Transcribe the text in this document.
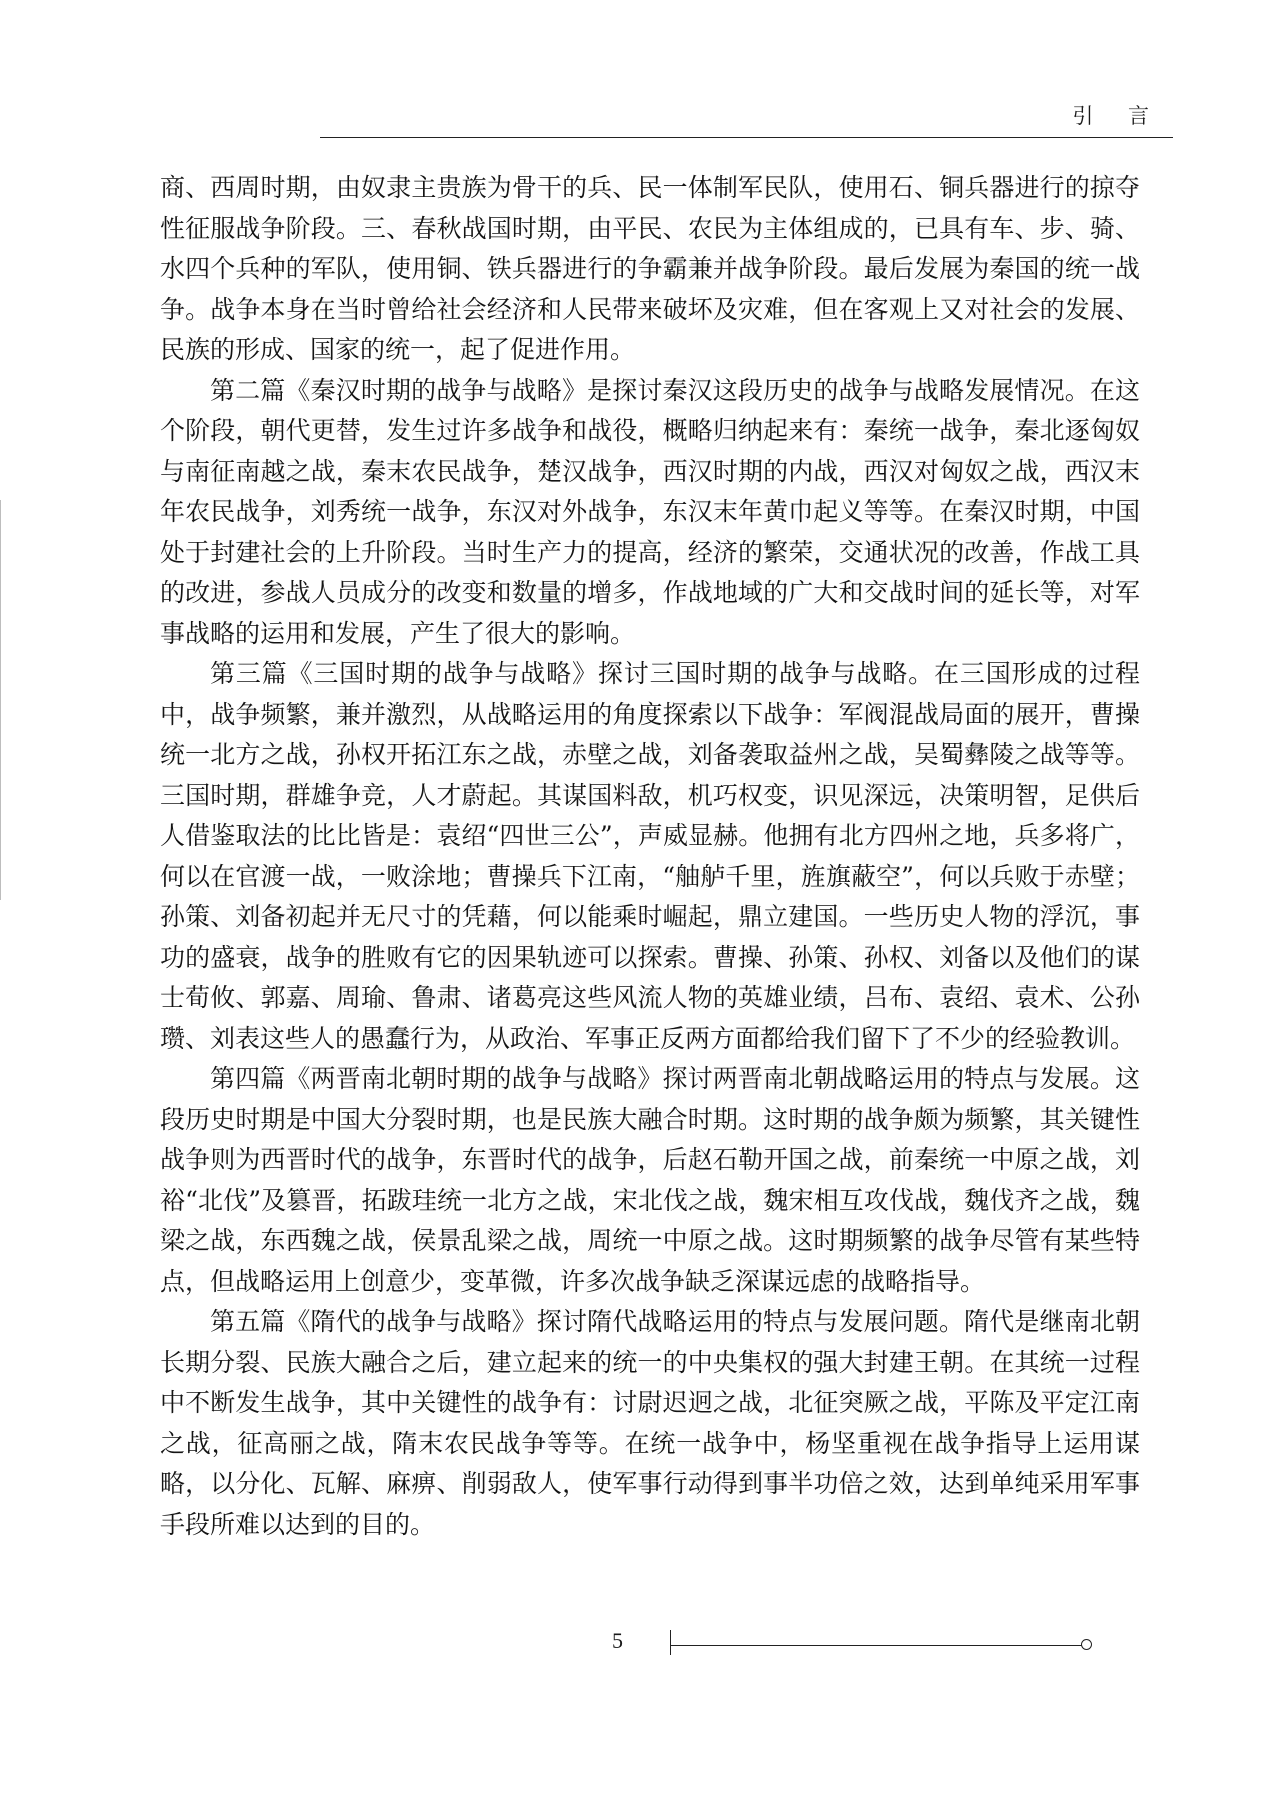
引 言

商、西周时期，由奴隶主贵族为骨干的兵、民一体制军民队，使用石、铜兵器进行的掠夺性征服战争阶段。三、春秋战国时期，由平民、农民为主体组成的，已具有车、步、骑、水四个兵种的军队，使用铜、铁兵器进行的争霸兼并战争阶段。最后发展为秦国的统一战争。战争本身在当时曾给社会经济和人民带来破坏及灾难，但在客观上又对社会的发展、民族的形成、国家的统一，起了促进作用。

第二篇《秦汉时期的战争与战略》是探讨秦汉这段历史的战争与战略发展情况。在这个阶段，朝代更替，发生过许多战争和战役，概略归纳起来有：秦统一战争，秦北逐匈奴与南征南越之战，秦末农民战争，楚汉战争，西汉时期的内战，西汉对匈奴之战，西汉末年农民战争，刘秀统一战争，东汉对外战争，东汉末年黄巾起义等等。在秦汉时期，中国处于封建社会的上升阶段。当时生产力的提高，经济的繁荣，交通状况的改善，作战工具的改进，参战人员成分的改变和数量的增多，作战地域的广大和交战时间的延长等，对军事战略的运用和发展，产生了很大的影响。

第三篇《三国时期的战争与战略》探讨三国时期的战争与战略。在三国形成的过程中，战争频繁，兼并激烈，从战略运用的角度探索以下战争：军阀混战局面的展开，曹操统一北方之战，孙权开拓江东之战，赤壁之战，刘备袭取益州之战，吴蜀彝陵之战等等。三国时期，群雄争竞，人才蔚起。其谋国料敌，机巧权变，识见深远，决策明智，足供后人借鉴取法的比比皆是：袁绍“四世三公”，声威显赫。他拥有北方四州之地，兵多将广，何以在官渡一战，一败涂地；曹操兵下江南，“舳舻千里，旌旗蔽空”，何以兵败于赤壁；孙策、刘备初起并无尺寸的凭藉，何以能乘时崛起，鼎立建国。一些历史人物的浮沉，事功的盛衰，战争的胜败有它的因果轨迹可以探索。曹操、孙策、孙权、刘备以及他们的谋士荀攸、郭嘉、周瑜、鲁肃、诸葛亮这些风流人物的英雄业绩，吕布、袁绍、袁术、公孙瓒、刘表这些人的愚蠢行为，从政治、军事正反两方面都给我们留下了不少的经验教训。

第四篇《两晋南北朝时期的战争与战略》探讨两晋南北朝战略运用的特点与发展。这段历史时期是中国大分裂时期，也是民族大融合时期。这时期的战争颇为频繁，其关键性战争则为西晋时代的战争，东晋时代的战争，后赵石勒开国之战，前秦统一中原之战，刘裕“北伐”及篡晋，拓跋珪统一北方之战，宋北伐之战，魏宋相互攻伐战，魏伐齐之战，魏梁之战，东西魏之战，侯景乱梁之战，周统一中原之战。这时期频繁的战争尽管有某些特点，但战略运用上创意少，变革微，许多次战争缺乏深谋远虑的战略指导。

第五篇《隋代的战争与战略》探讨隋代战略运用的特点与发展问题。隋代是继南北朝长期分裂、民族大融合之后，建立起来的统一的中央集权的强大封建王朝。在其统一过程中不断发生战争，其中关键性的战争有：讨尉迟迥之战，北征突厥之战，平陈及平定江南之战，征高丽之战，隋末农民战争等等。在统一战争中，杨坚重视在战争指导上运用谋略，以分化、瓦解、麻痹、削弱敌人，使军事行动得到事半功倍之效，达到单纯采用军事手段所难以达到的目的。

5
